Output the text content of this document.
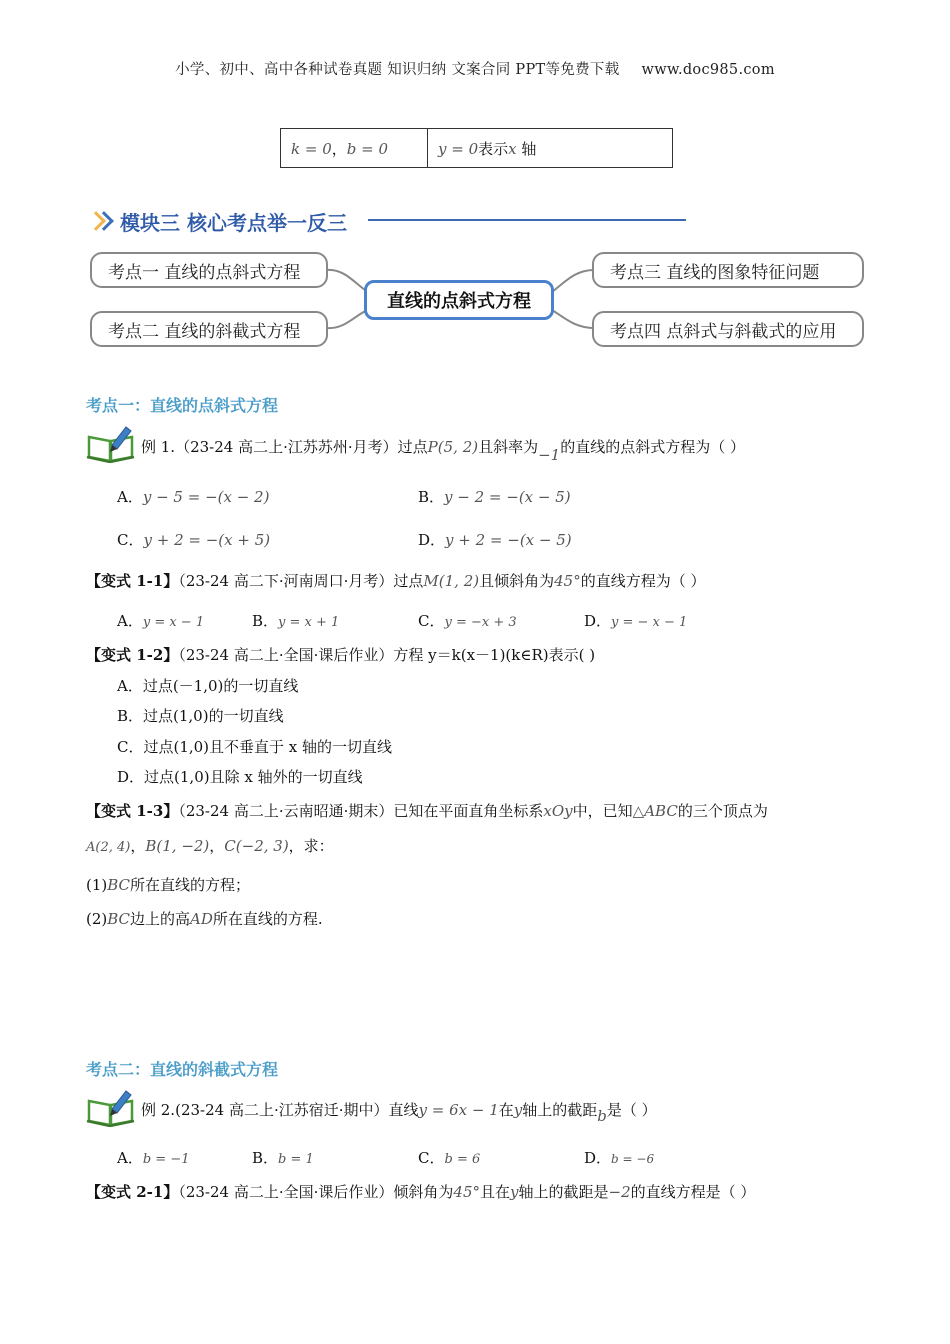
小学、初中、高中各种试卷真题 知识归纳 文案合同 PPT等免费下载 www.doc985.com
k = 0，b = 0	y = 0表示x 轴
模块三 核心考点举一反三
考点一 直线的点斜式方程
考点二 直线的斜截式方程
直线的点斜式方程
考点三 直线的图象特征问题
考点四 点斜式与斜截式的应用
考点一：直线的点斜式方程
例 1.（23-24 高二上·江苏苏州·月考）过点P(5, 2)且斜率为−1的直线的点斜式方程为（ ）
A．y − 5 = −(x − 2)	B．y − 2 = −(x − 5)
C．y + 2 = −(x + 5)	D．y + 2 = −(x − 5)
【变式 1-1】（23-24 高二下·河南周口·月考）过点M(1, 2)且倾斜角为45°的直线方程为（ ）
A．y = x − 1	B．y = x + 1	C．y = −x + 3	D．y = − x − 1
【变式 1-2】（23-24 高二上·全国·课后作业）方程 y＝k(x－1)(k∈R)表示( )
A．过点(－1,0)的一切直线
B．过点(1,0)的一切直线
C．过点(1,0)且不垂直于 x 轴的一切直线
D．过点(1,0)且除 x 轴外的一切直线
【变式 1-3】（23-24 高二上·云南昭通·期末）已知在平面直角坐标系xOy中，已知△ABC的三个顶点为
A(2, 4)，B(1, −2)，C(−2, 3)，求：
(1)BC所在直线的方程；
(2)BC边上的高AD所在直线的方程.
考点二：直线的斜截式方程
例 2.(23-24 高二上·江苏宿迁·期中）直线y = 6x − 1在y轴上的截距b是（ ）
A．b = −1	B．b = 1	C．b = 6	D．b = −6
【变式 2-1】（23-24 高二上·全国·课后作业）倾斜角为45°且在y轴上的截距是−2的直线方程是（ ）
